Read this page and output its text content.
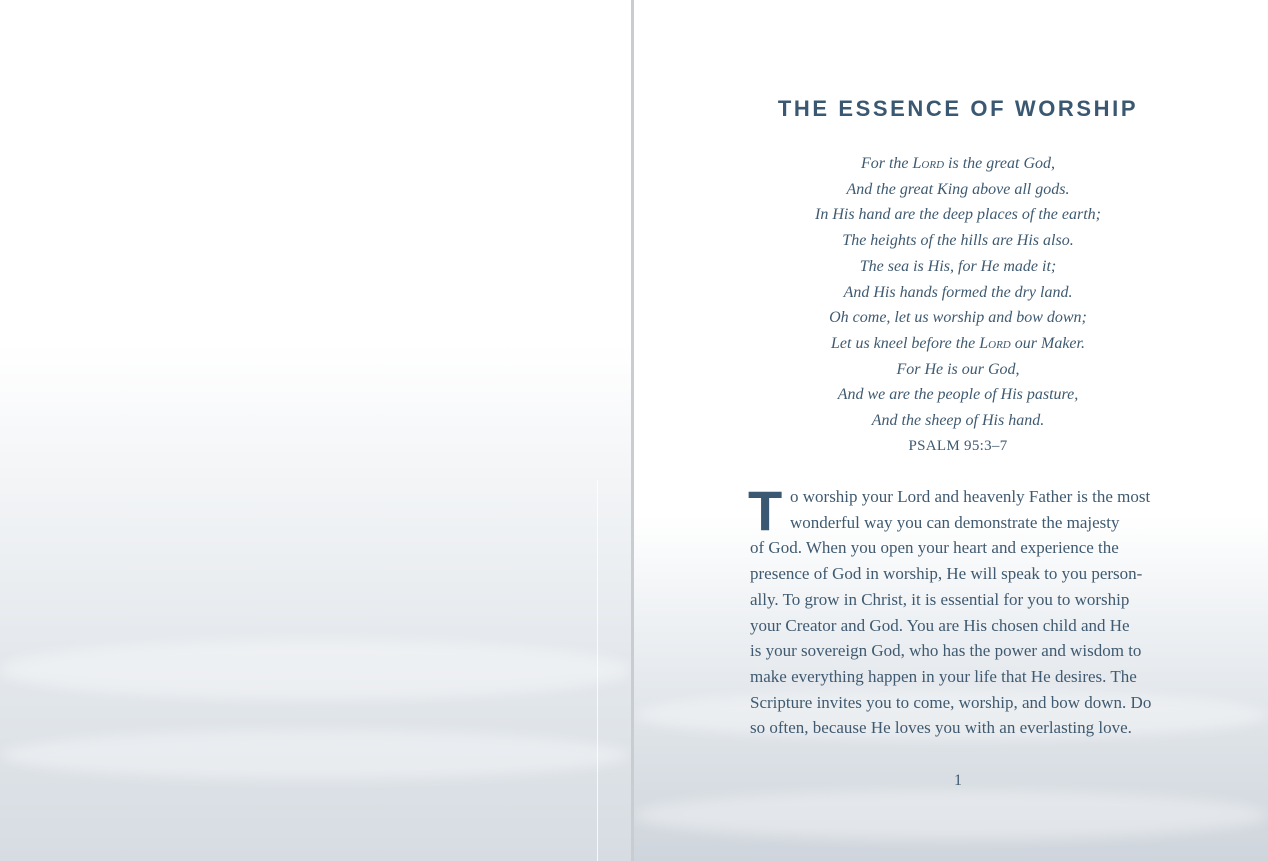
THE ESSENCE OF WORSHIP
For the Lord is the great God,
And the great King above all gods.
In His hand are the deep places of the earth;
The heights of the hills are His also.
The sea is His, for He made it;
And His hands formed the dry land.
Oh come, let us worship and bow down;
Let us kneel before the Lord our Maker.
For He is our God,
And we are the people of His pasture,
And the sheep of His hand.
PSALM 95:3–7
T o worship your Lord and heavenly Father is the most
wonderful way you can demonstrate the majesty
of God. When you open your heart and experience the
presence of God in worship, He will speak to you person-
ally. To grow in Christ, it is essential for you to worship
your Creator and God. You are His chosen child and He
is your sovereign God, who has the power and wisdom to
make everything happen in your life that He desires. The
Scripture invites you to come, worship, and bow down. Do
so often, because He loves you with an everlasting love.
1
